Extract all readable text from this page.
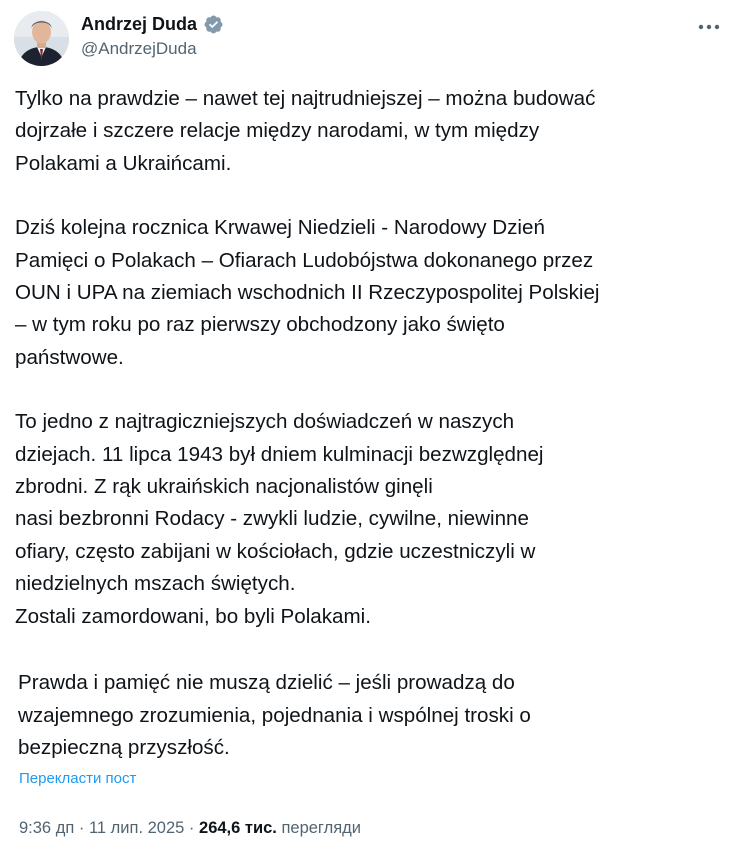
Andrzej Duda
@AndrzejDuda
Tylko na prawdzie – nawet tej najtrudniejszej – można budować
dojrzałe i szczere relacje między narodami, w tym między
Polakami a Ukraińcami.
Dziś kolejna rocznica Krwawej Niedzieli - Narodowy Dzień
Pamięci o Polakach – Ofiarach Ludobójstwa dokonanego przez
OUN i UPA na ziemiach wschodnich II Rzeczypospolitej Polskiej
– w tym roku po raz pierwszy obchodzony jako święto
państwowe.
To jedno z najtragiczniejszych doświadczeń w naszych
dziejach. 11 lipca 1943 był dniem kulminacji bezwzględnej
zbrodni. Z rąk ukraińskich nacjonalistów ginęli
nasi bezbronni Rodacy - zwykli ludzie, cywilne, niewinne
ofiary, często zabijani w kościołach, gdzie uczestniczyli w
niedzielnych mszach świętych.
Zostali zamordowani, bo byli Polakami.
Prawda i pamięć nie muszą dzielić – jeśli prowadzą do
wzajemnego zrozumienia, pojednania i wspólnej troski o
bezpieczną przyszłość.
Перекласти пост
9:36 дп · 11 лип. 2025 · 264,6 тис. перегляди
